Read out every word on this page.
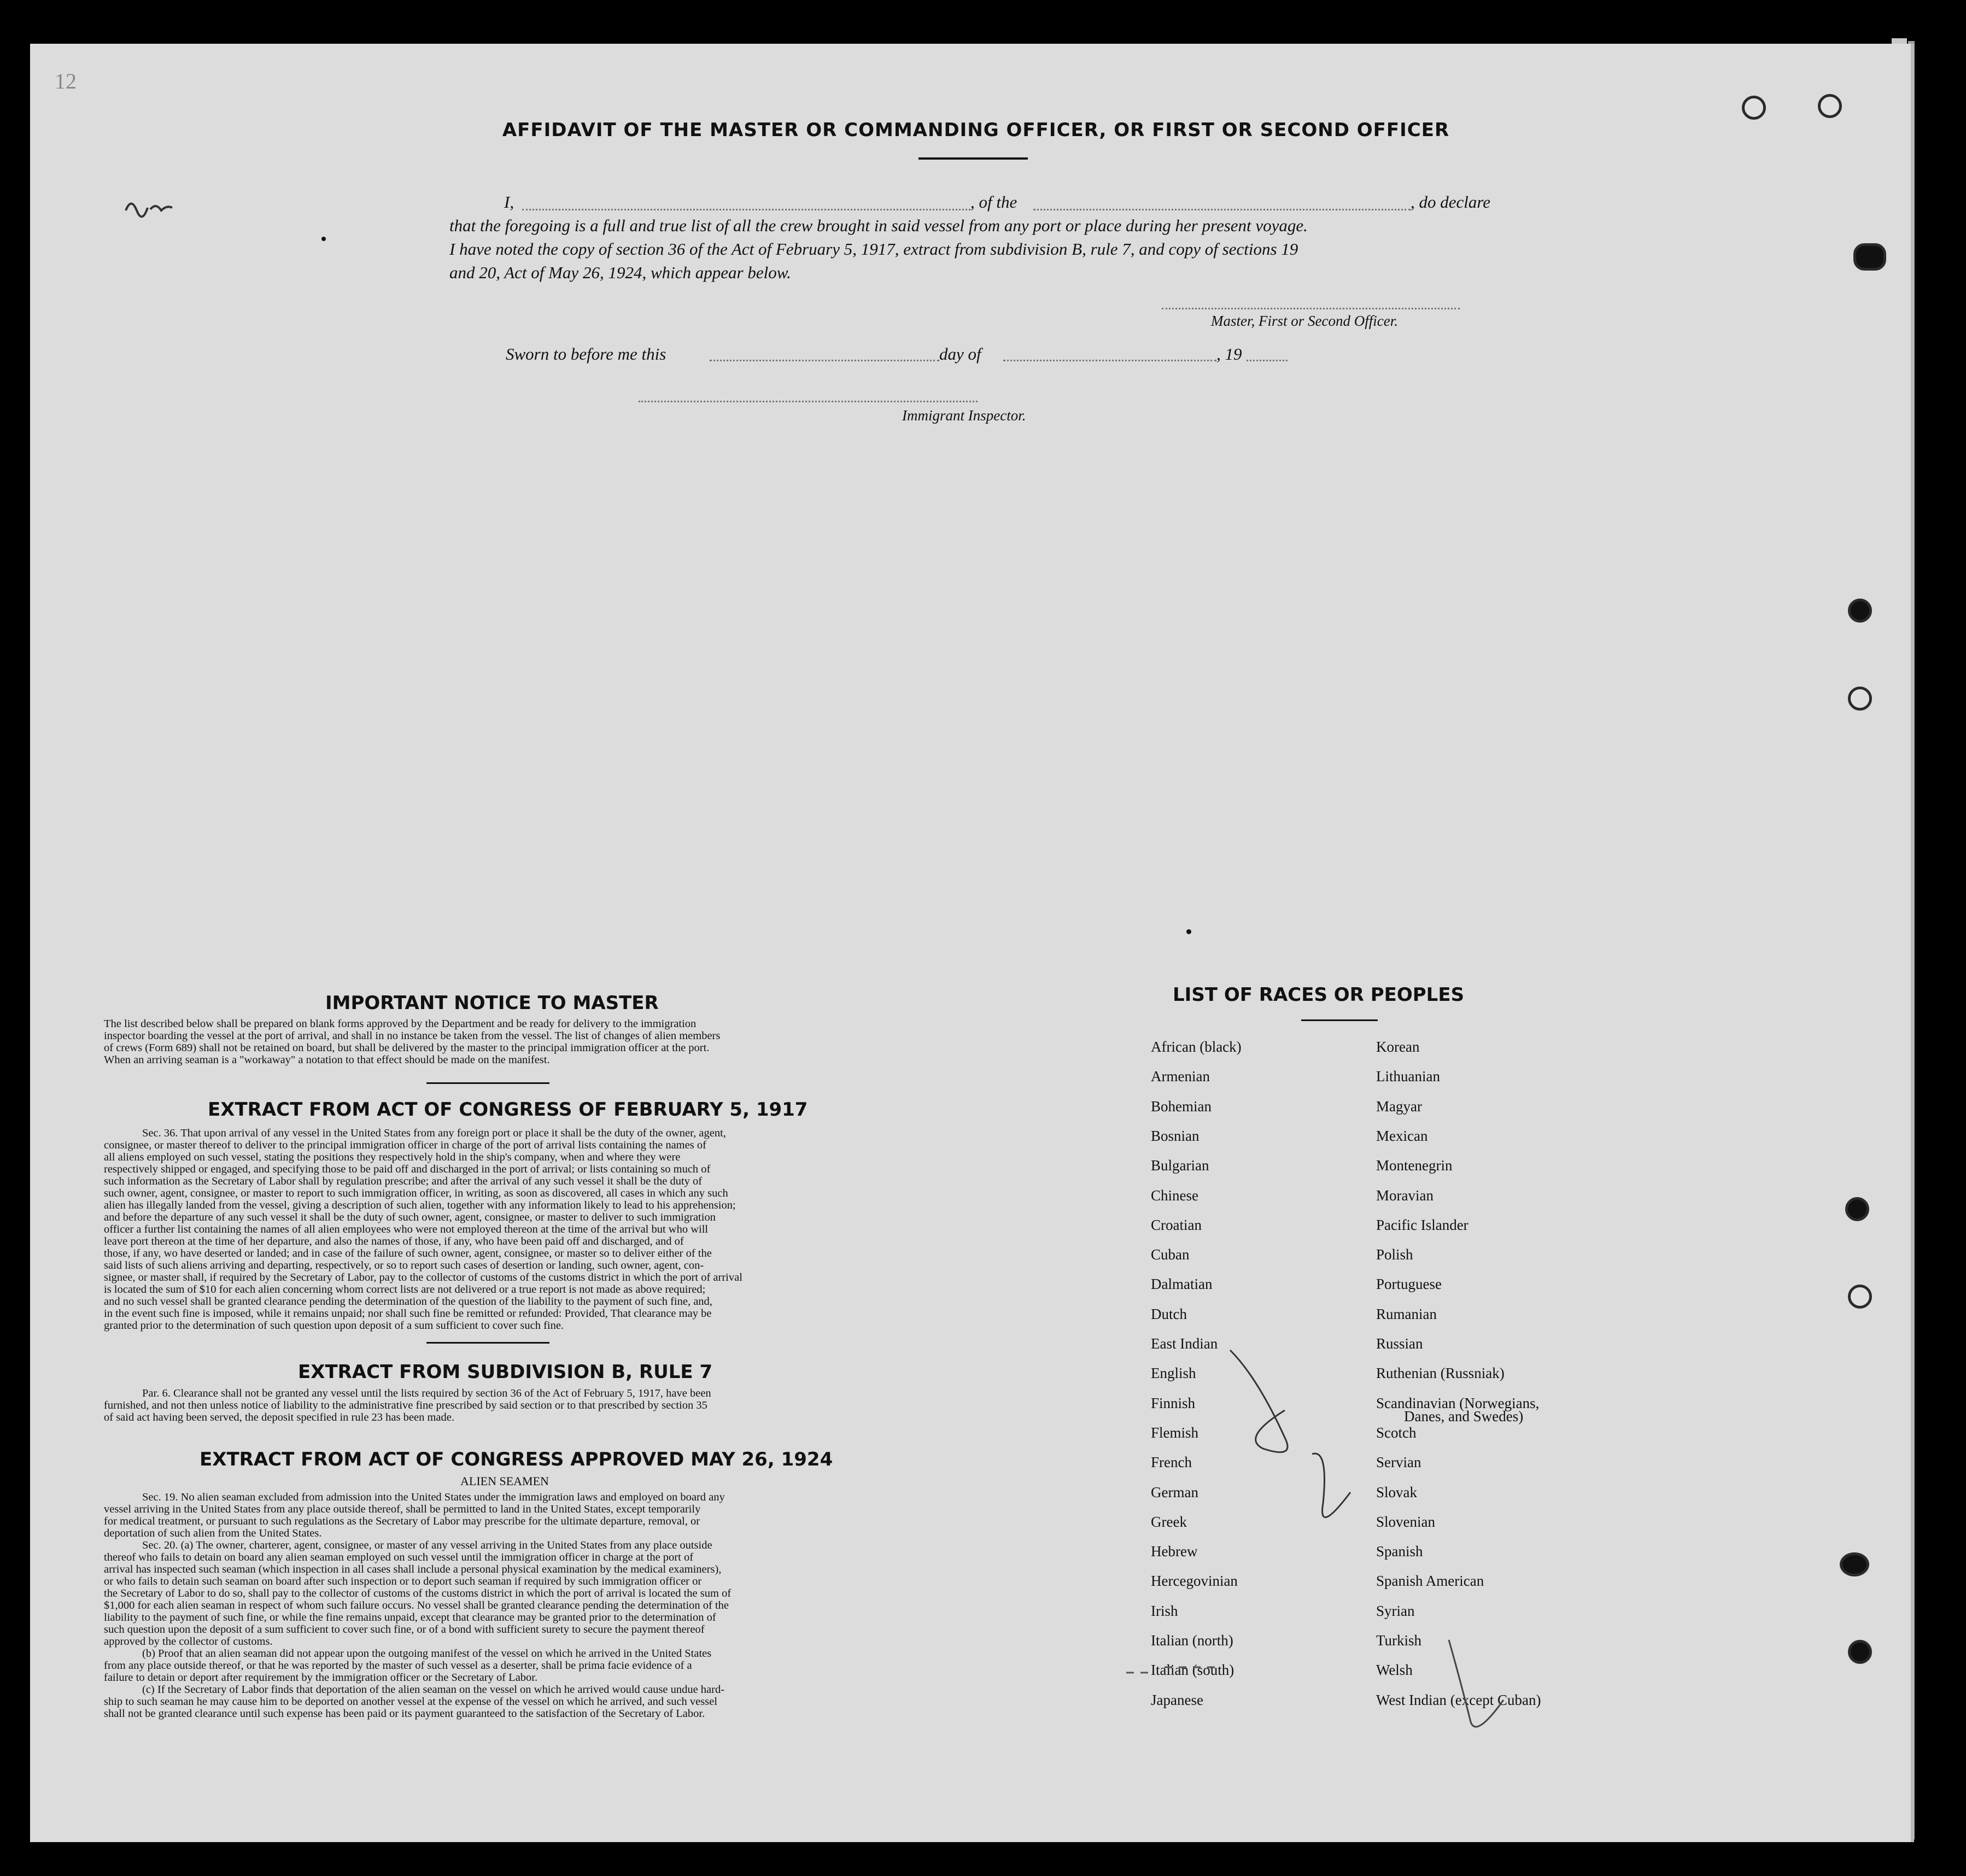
12
AFFIDAVIT OF THE MASTER OR COMMANDING OFFICER, OR FIRST OR SECOND OFFICER
I,	, of the	, do declare
that the foregoing is a full and true list of all the crew brought in said vessel from any port or place during her present voyage.
I have noted the copy of section 36 of the Act of February 5, 1917, extract from subdivision B, rule 7, and copy of sections 19
and 20, Act of May 26, 1924, which appear below.
Master, First or Second Officer.
Sworn to before me this	day of	, 19
Immigrant Inspector.
IMPORTANT NOTICE TO MASTER
The list described below shall be prepared on blank forms approved by the Department and be ready for delivery to the immigration
inspector boarding the vessel at the port of arrival, and shall in no instance be taken from the vessel. The list of changes of alien members
of crews (Form 689) shall not be retained on board, but shall be delivered by the master to the principal immigration officer at the port.
When an arriving seaman is a "workaway" a notation to that effect should be made on the manifest.
EXTRACT FROM ACT OF CONGRESS OF FEBRUARY 5, 1917
Sec. 36. That upon arrival of any vessel in the United States from any foreign port or place it shall be the duty of the owner, agent,
consignee, or master thereof to deliver to the principal immigration officer in charge of the port of arrival lists containing the names of
all aliens employed on such vessel, stating the positions they respectively hold in the ship's company, when and where they were
respectively shipped or engaged, and specifying those to be paid off and discharged in the port of arrival; or lists containing so much of
such information as the Secretary of Labor shall by regulation prescribe; and after the arrival of any such vessel it shall be the duty of
such owner, agent, consignee, or master to report to such immigration officer, in writing, as soon as discovered, all cases in which any such
alien has illegally landed from the vessel, giving a description of such alien, together with any information likely to lead to his apprehension;
and before the departure of any such vessel it shall be the duty of such owner, agent, consignee, or master to deliver to such immigration
officer a further list containing the names of all alien employees who were not employed thereon at the time of the arrival but who will
leave port thereon at the time of her departure, and also the names of those, if any, who have been paid off and discharged, and of
those, if any, wo have deserted or landed; and in case of the failure of such owner, agent, consignee, or master so to deliver either of the
said lists of such aliens arriving and departing, respectively, or so to report such cases of desertion or landing, such owner, agent, con-
signee, or master shall, if required by the Secretary of Labor, pay to the collector of customs of the customs district in which the port of arrival
is located the sum of $10 for each alien concerning whom correct lists are not delivered or a true report is not made as above required;
and no such vessel shall be granted clearance pending the determination of the question of the liability to the payment of such fine, and,
in the event such fine is imposed, while it remains unpaid; nor shall such fine be remitted or refunded: Provided, That clearance may be
granted prior to the determination of such question upon deposit of a sum sufficient to cover such fine.
EXTRACT FROM SUBDIVISION B, RULE 7
Par. 6. Clearance shall not be granted any vessel until the lists required by section 36 of the Act of February 5, 1917, have been
furnished, and not then unless notice of liability to the administrative fine prescribed by said section or to that prescribed by section 35
of said act having been served, the deposit specified in rule 23 has been made.
EXTRACT FROM ACT OF CONGRESS APPROVED MAY 26, 1924
ALIEN SEAMEN
Sec. 19. No alien seaman excluded from admission into the United States under the immigration laws and employed on board any
vessel arriving in the United States from any place outside thereof, shall be permitted to land in the United States, except temporarily
for medical treatment, or pursuant to such regulations as the Secretary of Labor may prescribe for the ultimate departure, removal, or
deportation of such alien from the United States.
Sec. 20. (a) The owner, charterer, agent, consignee, or master of any vessel arriving in the United States from any place outside
thereof who fails to detain on board any alien seaman employed on such vessel until the immigration officer in charge at the port of
arrival has inspected such seaman (which inspection in all cases shall include a personal physical examination by the medical examiners),
or who fails to detain such seaman on board after such inspection or to deport such seaman if required by such immigration officer or
the Secretary of Labor to do so, shall pay to the collector of customs of the customs district in which the port of arrival is located the sum of
$1,000 for each alien seaman in respect of whom such failure occurs. No vessel shall be granted clearance pending the determination of the
liability to the payment of such fine, or while the fine remains unpaid, except that clearance may be granted prior to the determination of
such question upon the deposit of a sum sufficient to cover such fine, or of a bond with sufficient surety to secure the payment thereof
approved by the collector of customs.
(b) Proof that an alien seaman did not appear upon the outgoing manifest of the vessel on which he arrived in the United States
from any place outside thereof, or that he was reported by the master of such vessel as a deserter, shall be prima facie evidence of a
failure to detain or deport after requirement by the immigration officer or the Secretary of Labor.
(c) If the Secretary of Labor finds that deportation of the alien seaman on the vessel on which he arrived would cause undue hard-
ship to such seaman he may cause him to be deported on another vessel at the expense of the vessel on which he arrived, and such vessel
shall not be granted clearance until such expense has been paid or its payment guaranteed to the satisfaction of the Secretary of Labor.
LIST OF RACES OR PEOPLES
African (black)
Armenian
Bohemian
Bosnian
Bulgarian
Chinese
Croatian
Cuban
Dalmatian
Dutch
East Indian
English
Finnish
Flemish
French
German
Greek
Hebrew
Hercegovinian
Irish
Italian (north)
Italian (south)
Japanese
Korean
Lithuanian
Magyar
Mexican
Montenegrin
Moravian
Pacific Islander
Polish
Portuguese
Rumanian
Russian
Ruthenian (Russniak)
Scandinavian (Norwegians,
Scotch
Servian
Slovak
Slovenian
Spanish
Spanish American
Syrian
Turkish
Welsh
West Indian (except Cuban)
Danes, and Swedes)
